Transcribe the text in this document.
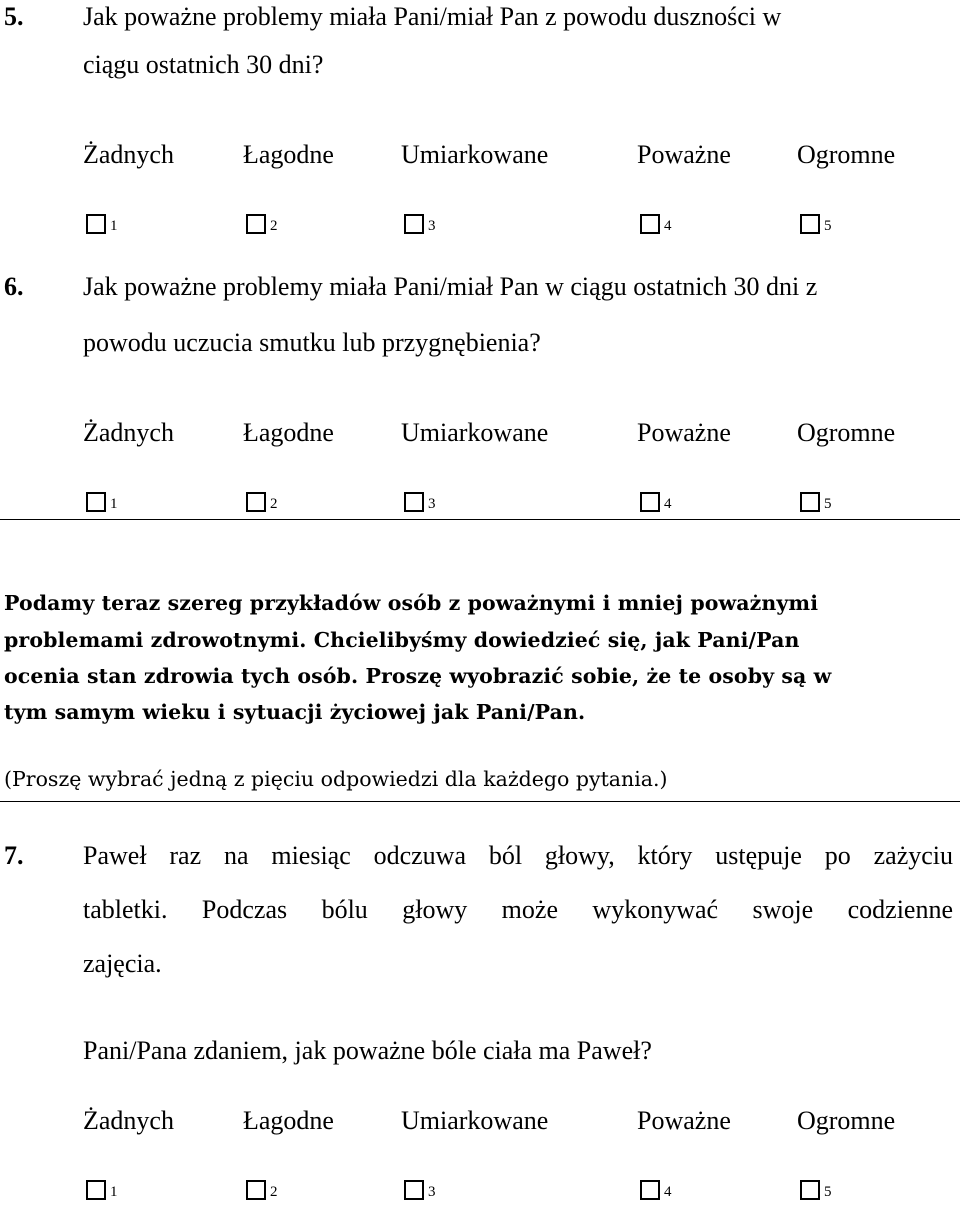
5. Jak poważne problemy miała Pani/miał Pan z powodu duszności w
ciągu ostatnich 30 dni?
Żadnych	Łagodne	Umiarkowane	Poważne	Ogromne
1	2	3	4	5
6. Jak poważne problemy miała Pani/miał Pan w ciągu ostatnich 30 dni z
powodu uczucia smutku lub przygnębienia?
Żadnych	Łagodne	Umiarkowane	Poważne	Ogromne
1	2	3	4	5
Podamy teraz szereg przykładów osób z poważnymi i mniej poważnymi
problemami zdrowotnymi. Chcielibyśmy dowiedzieć się, jak Pani/Pan
ocenia stan zdrowia tych osób. Proszę wyobrazić sobie, że te osoby są w
tym samym wieku i sytuacji życiowej jak Pani/Pan.
(Proszę wybrać jedną z pięciu odpowiedzi dla każdego pytania.)
7. Paweł raz na miesiąc odczuwa ból głowy, który ustępuje po zażyciu
tabletki. Podczas bólu głowy może wykonywać swoje codzienne
zajęcia.
Pani/Pana zdaniem, jak poważne bóle ciała ma Paweł?
Żadnych	Łagodne	Umiarkowane	Poważne	Ogromne
1	2	3	4	5
